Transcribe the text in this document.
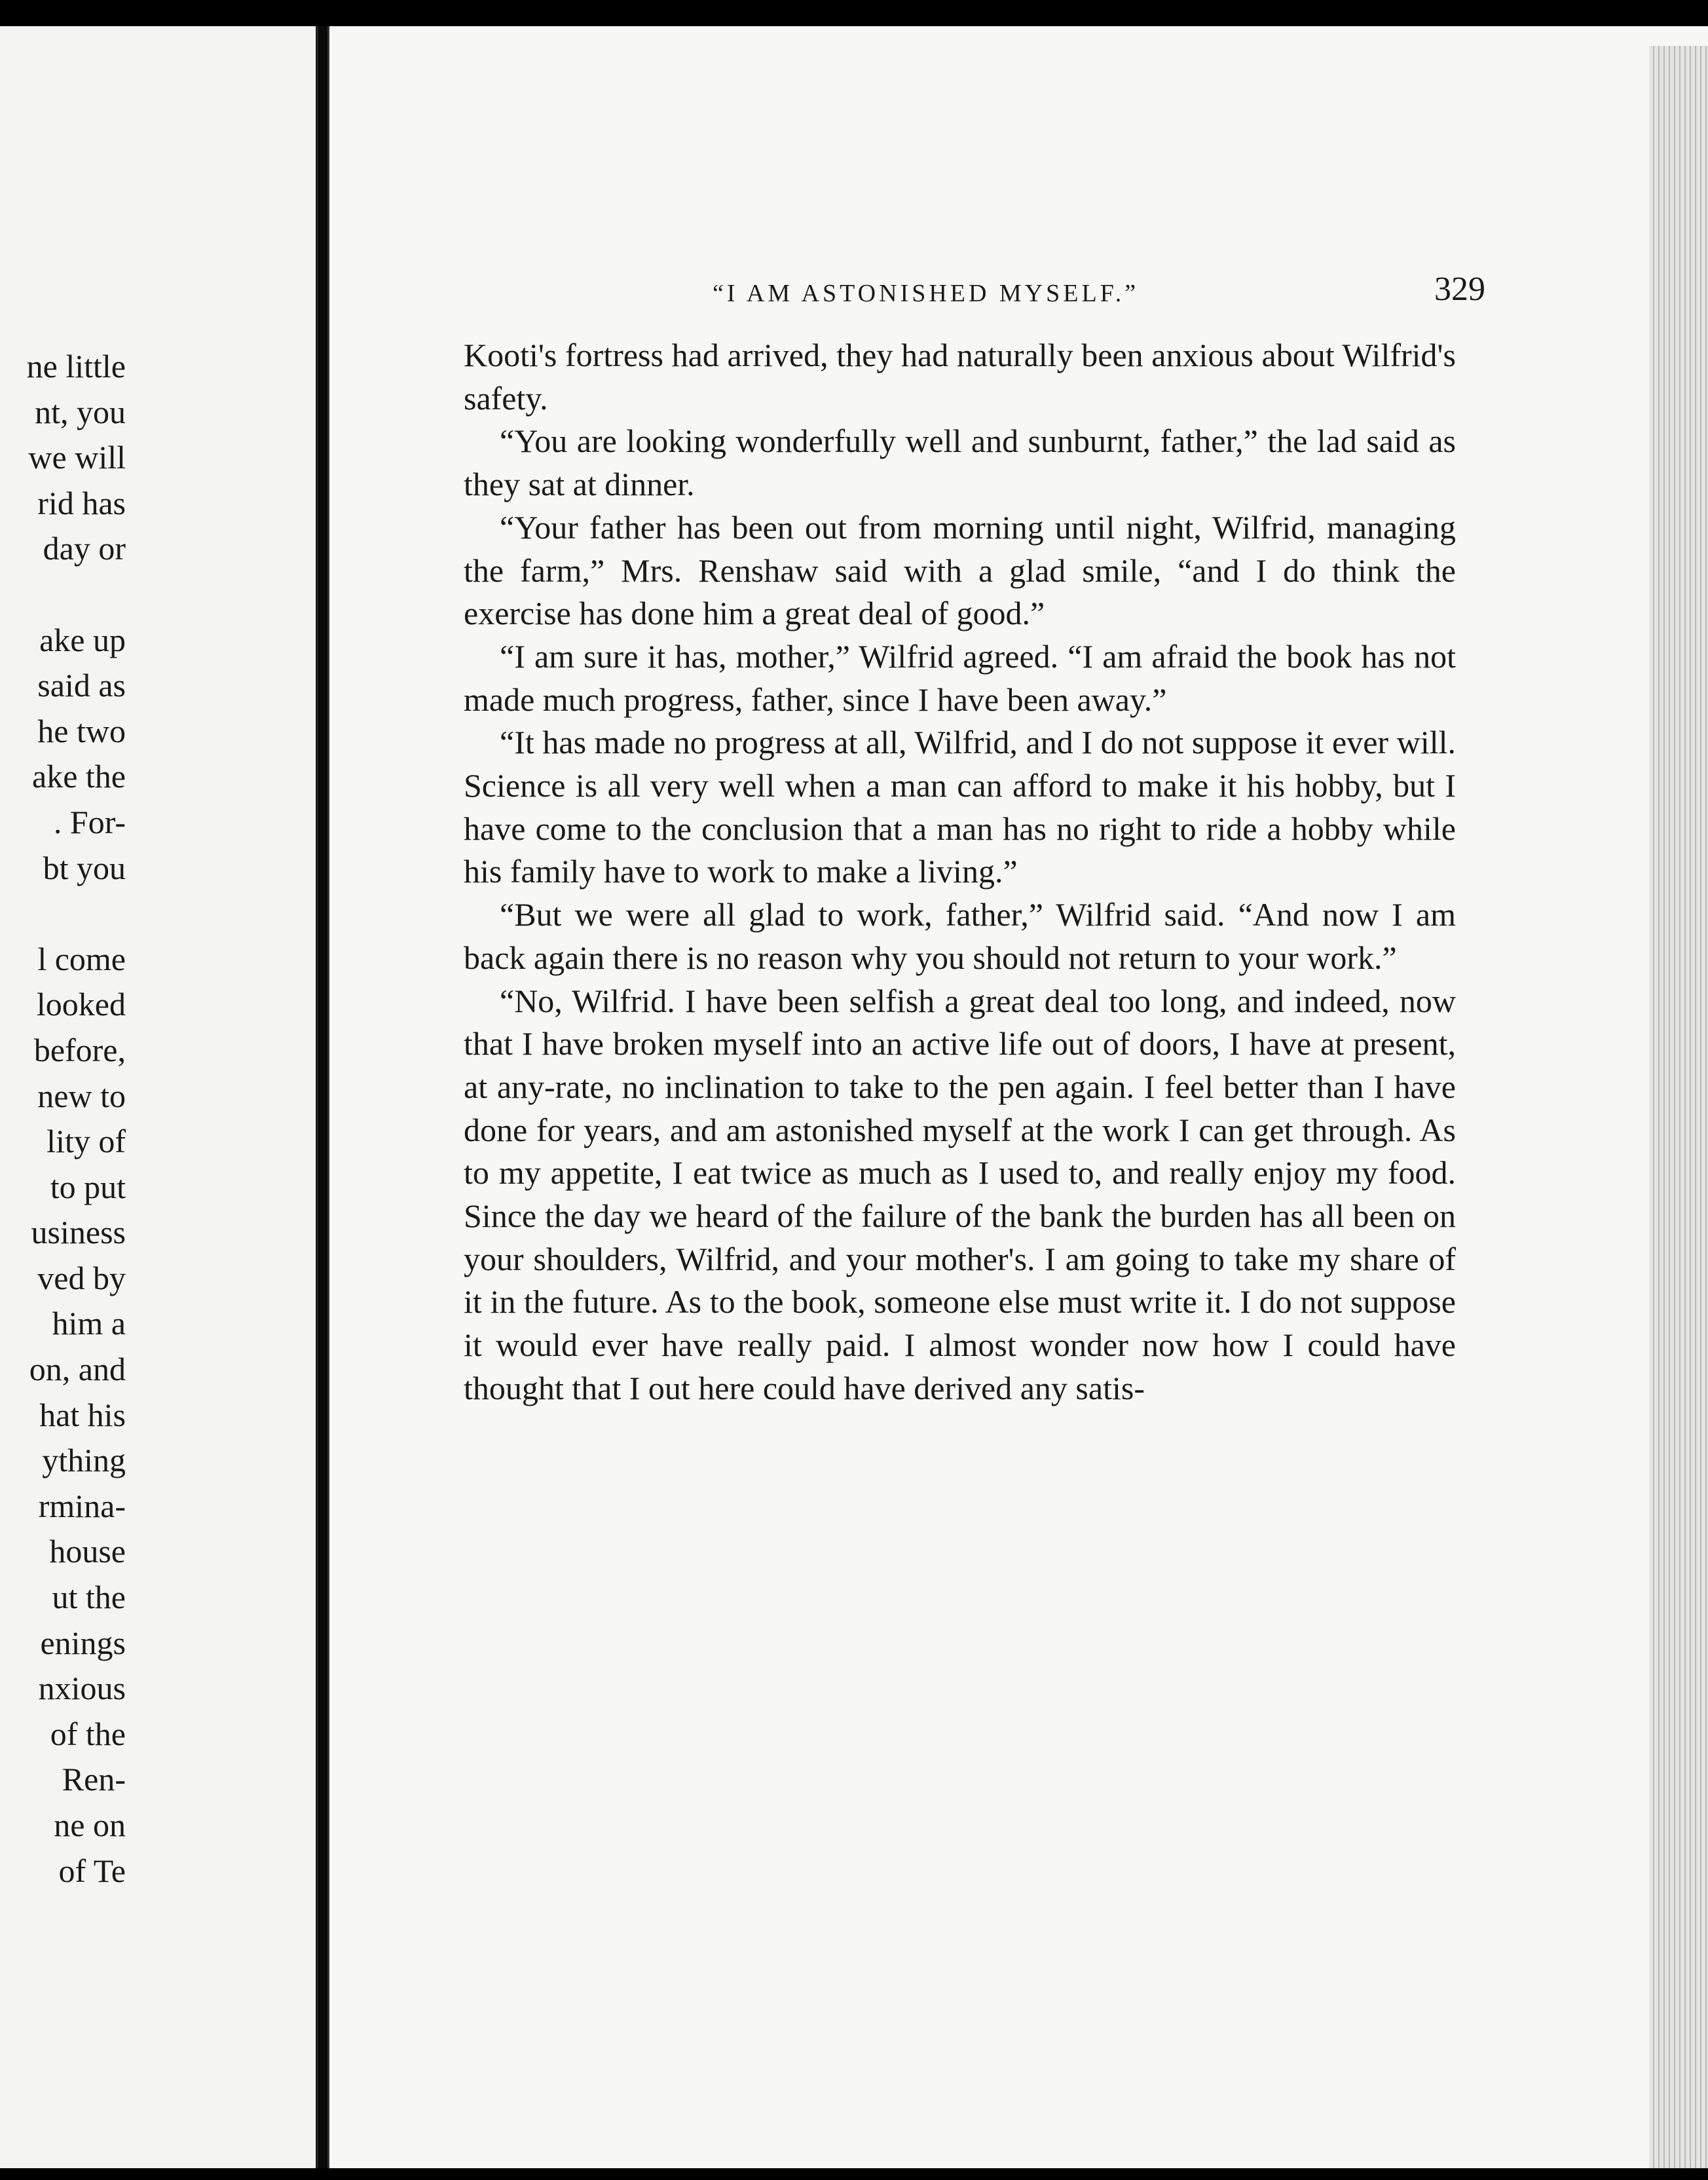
ne little
nt, you
we will
rid has
day or
ake up
said as
he two
ake the
. For-
bt you
l come
looked
before,
new to
lity of
to put
usiness
ved by
him a
on, and
hat his
ything
rmina-
house
ut the
enings
nxious
of the
Ren-
ne on
of Te
“I AM ASTONISHED MYSELF.”	329

Kooti's fortress had arrived, they had naturally been anxious about Wilfrid's safety.

“You are looking wonderfully well and sunburnt, father,” the lad said as they sat at dinner.

“Your father has been out from morning until night, Wilfrid, managing the farm,” Mrs. Renshaw said with a glad smile, “and I do think the exercise has done him a great deal of good.”

“I am sure it has, mother,” Wilfrid agreed. “I am afraid the book has not made much progress, father, since I have been away.”

“It has made no progress at all, Wilfrid, and I do not suppose it ever will. Science is all very well when a man can afford to make it his hobby, but I have come to the conclusion that a man has no right to ride a hobby while his family have to work to make a living.”

“But we were all glad to work, father,” Wilfrid said. “And now I am back again there is no reason why you should not return to your work.”

“No, Wilfrid. I have been selfish a great deal too long, and indeed, now that I have broken myself into an active life out of doors, I have at present, at any-rate, no inclination to take to the pen again. I feel better than I have done for years, and am astonished myself at the work I can get through. As to my appetite, I eat twice as much as I used to, and really enjoy my food. Since the day we heard of the failure of the bank the burden has all been on your shoulders, Wilfrid, and your mother's. I am going to take my share of it in the future. As to the book, someone else must write it. I do not suppose it would ever have really paid. I almost wonder now how I could have thought that I out here could have derived any satis-
